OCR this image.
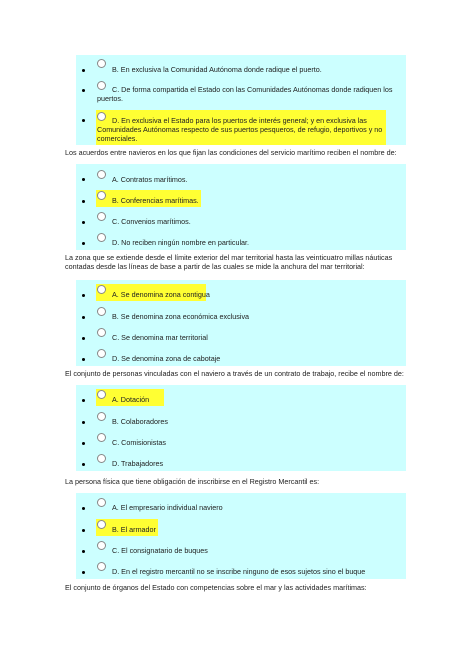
B. En exclusiva la Comunidad Autónoma donde radique el puerto.
C. De forma compartida el Estado con las Comunidades Autónomas donde radiquen los puertos.
D. En exclusiva el Estado para los puertos de interés general; y en exclusiva las Comunidades Autónomas respecto de sus puertos pesqueros, de refugio, deportivos y no comerciales.
Los acuerdos entre navieros en los que fijan las condiciones del servicio marítimo reciben el nombre de:
A. Contratos marítimos.
B. Conferencias marítimas.
C. Convenios marítimos.
D. No reciben ningún nombre en particular.
La zona que se extiende desde el límite exterior del mar territorial hasta las veinticuatro millas náuticas contadas desde las líneas de base a partir de las cuales se mide la anchura del mar territorial:
A. Se denomina zona contigua
B. Se denomina zona económica exclusiva
C. Se denomina mar territorial
D. Se denomina zona de cabotaje
El conjunto de personas vinculadas con el naviero a través de un contrato de trabajo, recibe el nombre de:
A. Dotación
B. Colaboradores
C. Comisionistas
D. Trabajadores
La persona física que tiene obligación de inscribirse en el Registro Mercantil es:
A. El empresario individual naviero
B. El armador
C. El consignatario de buques
D. En el registro mercantil no se inscribe ninguno de esos sujetos sino el buque
El conjunto de órganos del Estado con competencias sobre el mar y las actividades marítimas:
